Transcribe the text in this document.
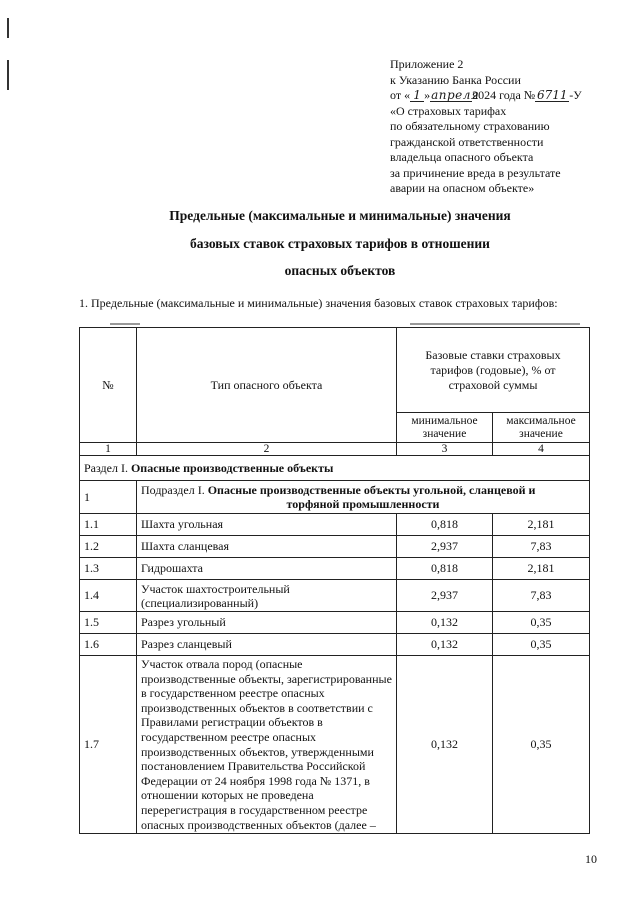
Приложение 2
к Указанию Банка России
от « 1 »апреля2024 года № 6711 -У
«О страховых тарифах
по обязательному страхованию
гражданской ответственности
владельца опасного объекта
за причинение вреда в результате
аварии на опасном объекте»
Предельные (максимальные и минимальные) значения
базовых ставок страховых тарифов в отношении
опасных объектов
1. Предельные (максимальные и минимальные) значения базовых ставок страховых тарифов:
№	Тип опасного объекта	Базовые ставки страховых тарифов (годовые), % от страховой суммы	
		минимальное значение	максимальное значение
1	2	3	4
Раздел I. Опасные производственные объекты			
1	Подраздел I. Опасные производственные объекты угольной, сланцевой и
торфяной промышленности		

1.1	Шахта угольная	0,818	2,181
1.2	Шахта сланцевая	2,937	7,83
1.3	Гидрошахта	0,818	2,181
1.4	Участок шахтостроительный (специализированный)	2,937	7,83
1.5	Разрез угольный	0,132	0,35
1.6	Разрез сланцевый	0,132	0,35
1.7	Участок отвала пород (опасные производственные объекты, зарегистрированные в государственном реестре опасных производственных объектов в соответствии с Правилами регистрации объектов в государственном реестре опасных производственных объектов, утвержденными постановлением Правительства Российской Федерации от 24 ноября 1998 года № 1371, в отношении которых не проведена перерегистрация в государственном реестре опасных производственных объектов (далее –	0,132	0,35
10
